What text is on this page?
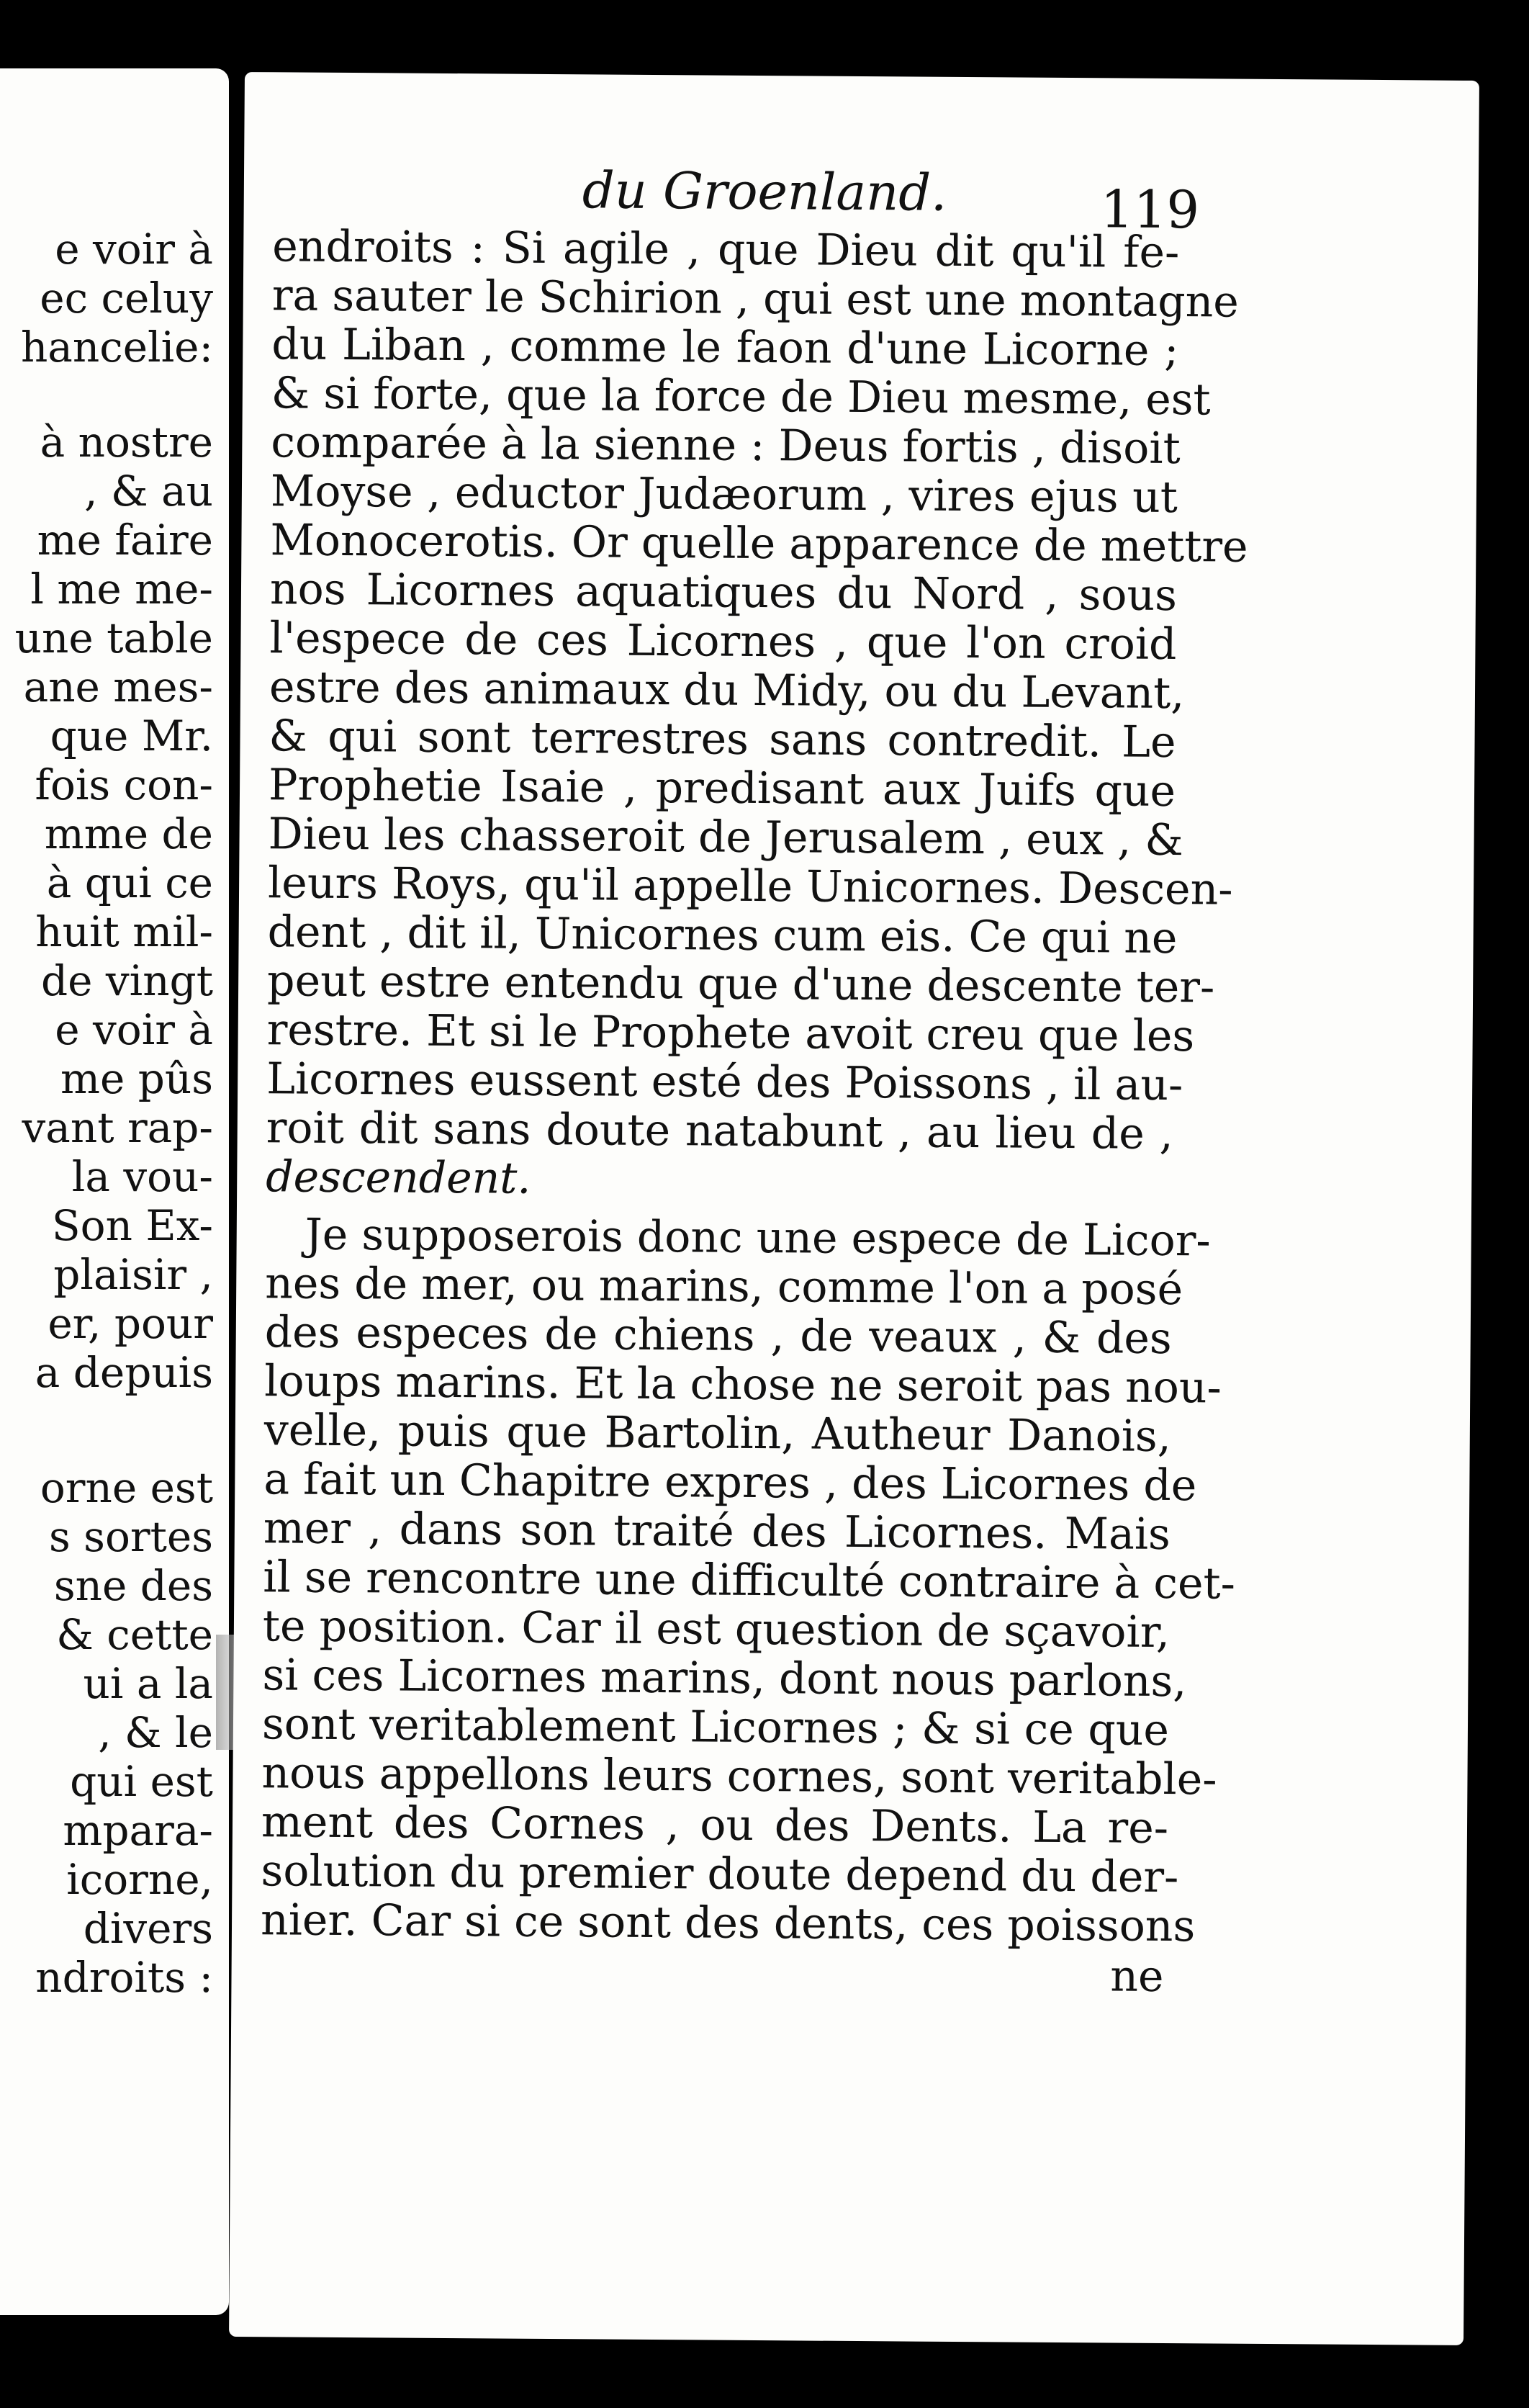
e voir à
ec celuy
hancelie:
à nostre
, & au
me faire
l me me-
une table
ane mes-
que Mr.
fois con-
mme de
à qui ce
huit mil-
de vingt
e voir à
me pûs
vant rap-
la vou-
Son Ex-
plaisir ,
er, pour
a depuis
orne est
s sortes
sne des
& cette
ui a la
, & le
qui est
mpara-
icorne,
divers
ndroits :
du Groenland.	119
endroits : Si agile , que Dieu dit qu'il fe-
ra sauter le Schirion , qui est une montagne
du Liban , comme le faon d'une Licorne ;
& si forte, que la force de Dieu mesme, est
comparée à la sienne : Deus fortis , disoit
Moyse , eductor Judæorum , vires ejus ut
Monocerotis. Or quelle apparence de mettre
nos Licornes aquatiques du Nord , sous
l'espece de ces Licornes , que l'on croid
estre des animaux du Midy, ou du Levant,
& qui sont terrestres sans contredit. Le
Prophetie Isaie , predisant aux Juifs que
Dieu les chasseroit de Jerusalem , eux , &
leurs Roys, qu'il appelle Unicornes. Descen-
dent , dit il, Unicornes cum eis. Ce qui ne
peut estre entendu que d'une descente ter-
restre. Et si le Prophete avoit creu que les
Licornes eussent esté des Poissons , il au-
roit dit sans doute natabunt , au lieu de ,
descendent.
Je supposerois donc une espece de Licor-
nes de mer, ou marins, comme l'on a posé
des especes de chiens , de veaux , & des
loups marins. Et la chose ne seroit pas nou-
velle, puis que Bartolin, Autheur Danois,
a fait un Chapitre expres , des Licornes de
mer , dans son traité des Licornes. Mais
il se rencontre une difficulté contraire à cet-
te position. Car il est question de sçavoir,
si ces Licornes marins, dont nous parlons,
sont veritablement Licornes ; & si ce que
nous appellons leurs cornes, sont veritable-
ment des Cornes , ou des Dents. La re-
solution du premier doute depend du der-
nier. Car si ce sont des dents, ces poissons
ne
